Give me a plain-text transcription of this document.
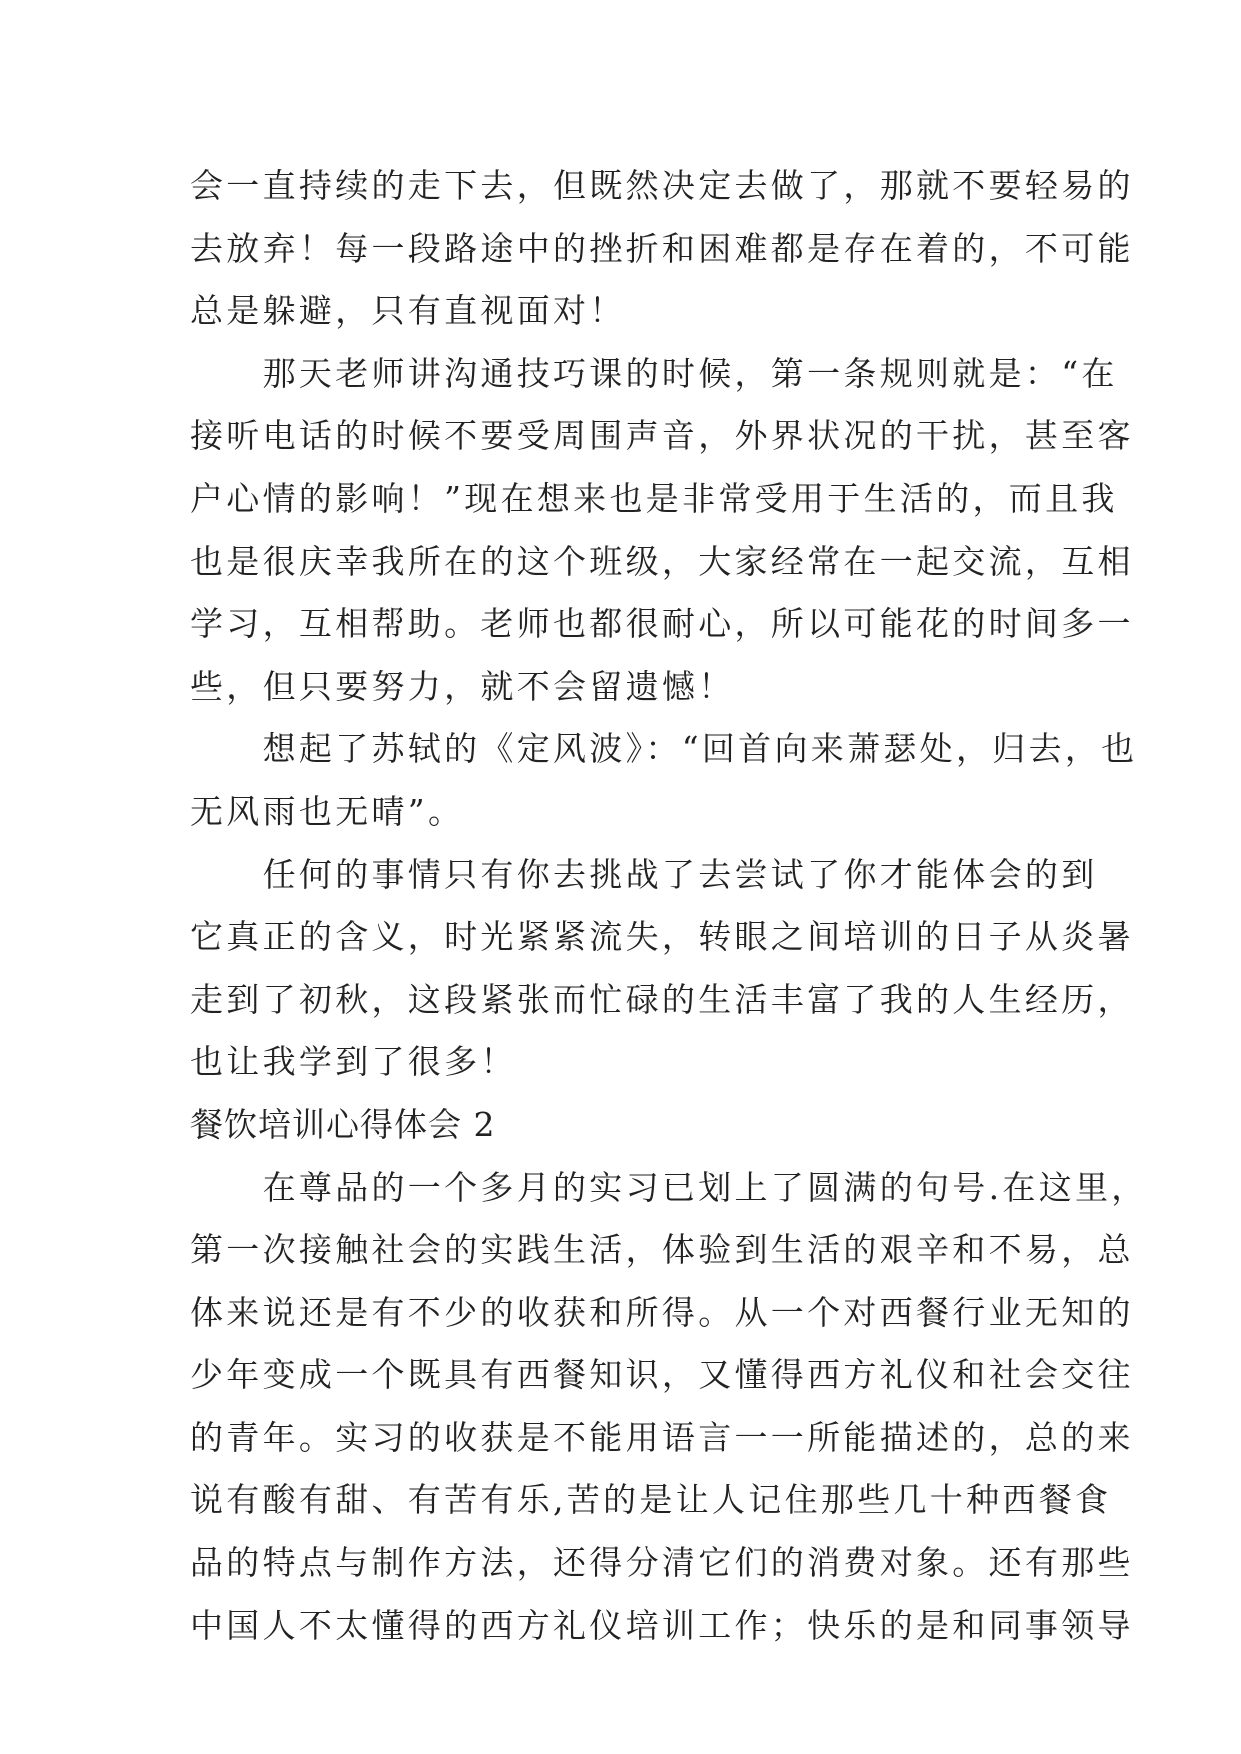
会一直持续的走下去，但既然决定去做了，那就不要轻易的
去放弃！每一段路途中的挫折和困难都是存在着的，不可能
总是躲避，只有直视面对！
　　那天老师讲沟通技巧课的时候，第一条规则就是：“在
接听电话的时候不要受周围声音，外界状况的干扰，甚至客
户心情的影响！”现在想来也是非常受用于生活的，而且我
也是很庆幸我所在的这个班级，大家经常在一起交流，互相
学习，互相帮助。老师也都很耐心，所以可能花的时间多一
些，但只要努力，就不会留遗憾！
　　想起了苏轼的《定风波》：“回首向来萧瑟处，归去，也
无风雨也无晴”。
　　任何的事情只有你去挑战了去尝试了你才能体会的到
它真正的含义，时光紧紧流失，转眼之间培训的日子从炎暑
走到了初秋，这段紧张而忙碌的生活丰富了我的人生经历，
也让我学到了很多！
餐饮培训心得体会 2
　　在尊品的一个多月的实习已划上了圆满的句号.在这里，
第一次接触社会的实践生活，体验到生活的艰辛和不易，总
体来说还是有不少的收获和所得。从一个对西餐行业无知的
少年变成一个既具有西餐知识，又懂得西方礼仪和社会交往
的青年。实习的收获是不能用语言一一所能描述的，总的来
说有酸有甜、有苦有乐,苦的是让人记住那些几十种西餐食
品的特点与制作方法，还得分清它们的消费对象。还有那些
中国人不太懂得的西方礼仪培训工作；快乐的是和同事领导
